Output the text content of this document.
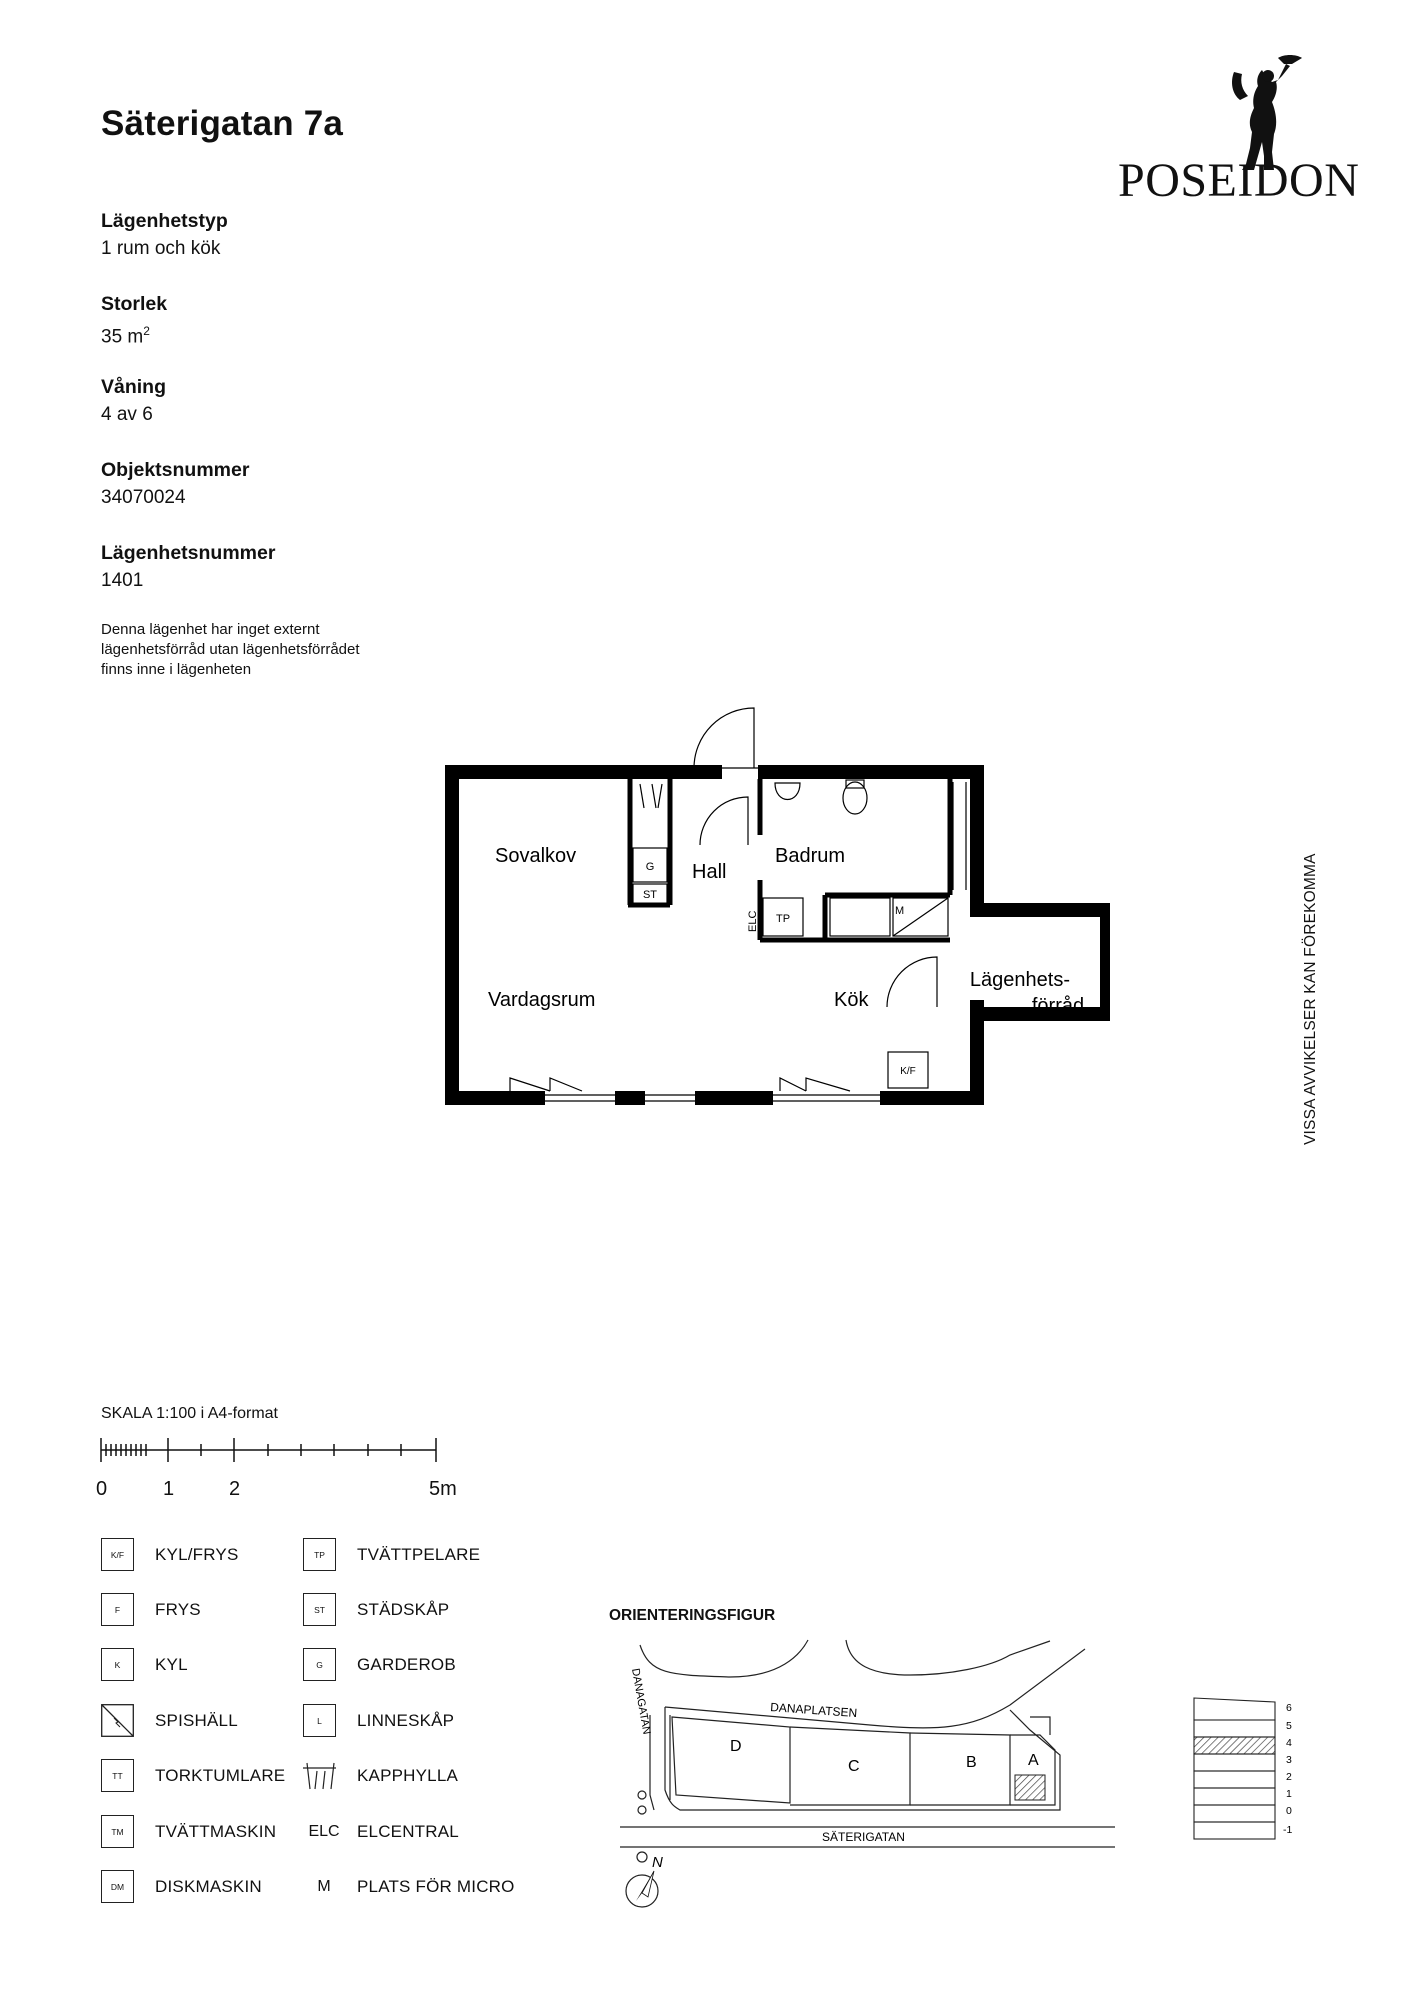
Säterigatan 7a
Lägenhetstyp
1 rum och kök
Storlek
35 $m^2$
Våning
4 av 6
Objektsnummer
34070024
Lägenhetsnummer
1401
Denna lägenhet har inget externt
lägenhetsförråd utan lägenhetsförrådet
finns inne i lägenheten
POSEIDON
VISSA AVVIKELSER KAN FÖREKOMMA
Sovalkov
Hall
Badrum
Vardagsrum	Kök
Lägenhets-
förråd
G
ST
TP
M
K/F
ELC
SKALA 1:100 i A4-format
0	1	2	5m
K/F	KYL/FRYS
F	FRYS
K	KYL
SPISHÄLL
TT	TORKTUMLARE
TM	TVÄTTMASKIN
DM	DISKMASKIN
TP	TVÄTTPELARE
ST	STÄDSKÅP
G	GARDEROB
L	LINNESKÅP
KAPPHYLLA
ELC ELCENTRAL
M	PLATS FÖR MICRO
ORIENTERINGSFIGUR
DANAPLATSEN
DANAGATAN
SÄTERIGATAN
D
C	B	A
N
6
5
4
3
2
1
0
-1
